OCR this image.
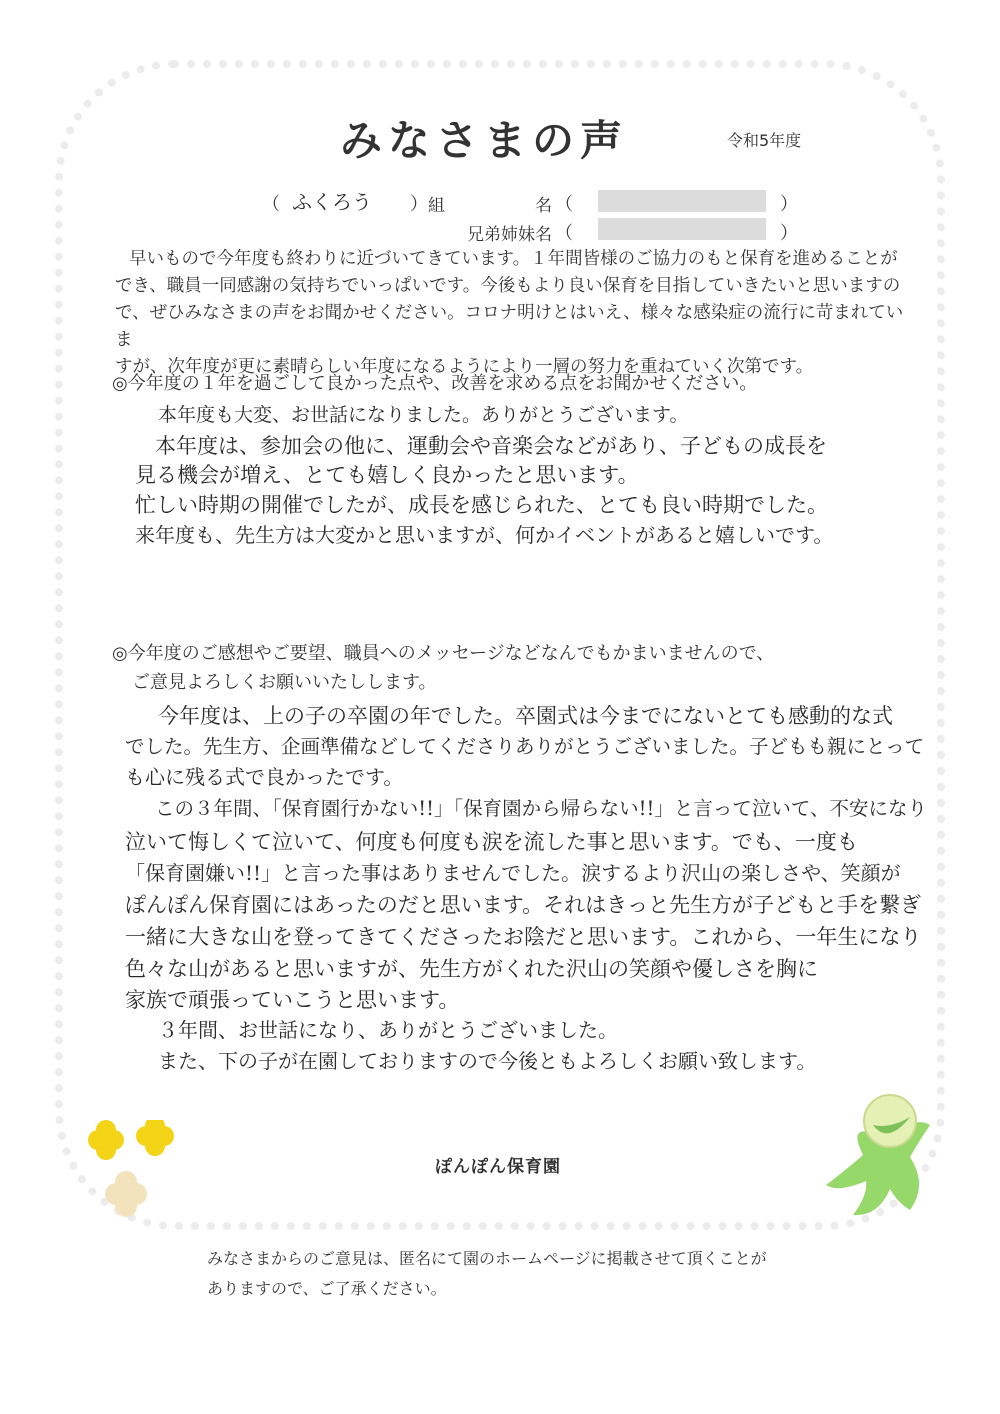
みなさまの声	令和5年度
（ ふくろう ） 組	名 （	）
兄弟姉妹名 （	）
早いもので今年度も終わりに近づいてきています。１年間皆様のご協力のもと保育を進めることが
でき、職員一同感謝の気持ちでいっぱいです。今後もより良い保育を目指していきたいと思いますの
で、ぜひみなさまの声をお聞かせください。コロナ明けとはいえ、様々な感染症の流行に苛まれていま
すが、次年度が更に素晴らしい年度になるようにより一層の努力を重ねていく次第です。

◎今年度の１年を過ごして良かった点や、改善を求める点をお聞かせください。

本年度も大変、お世話になりました。ありがとうございます。
本年度は、参加会の他に、運動会や音楽会などがあり、子どもの成長を
見る機会が増え、とても嬉しく良かったと思います。
忙しい時期の開催でしたが、成長を感じられた、とても良い時期でした。
来年度も、先生方は大変かと思いますが、何かイベントがあると嬉しいです。

◎今年度のご感想やご要望、職員へのメッセージなどなんでもかまいませんので、

ご意見よろしくお願いいたしします。

今年度は、上の子の卒園の年でした。卒園式は今までにないとても感動的な式
でした。先生方、企画準備などしてくださりありがとうございました。子どもも親にとって
も心に残る式で良かったです。
この３年間、「保育園行かない!!」「保育園から帰らない!!」と言って泣いて、不安になり
泣いて悔しくて泣いて、何度も何度も涙を流した事と思います。でも、一度も
「保育園嫌い!!」と言った事はありませんでした。涙するより沢山の楽しさや、笑顔が
ぽんぽん保育園にはあったのだと思います。それはきっと先生方が子どもと手を繋ぎ
一緒に大きな山を登ってきてくださったお陰だと思います。これから、一年生になり
色々な山があると思いますが、先生方がくれた沢山の笑顔や優しさを胸に
家族で頑張っていこうと思います。
３年間、お世話になり、ありがとうございました。
また、下の子が在園しておりますので今後ともよろしくお願い致します。
ぽんぽん保育園
みなさまからのご意見は、匿名にて園のホームページに掲載させて頂くことが
ありますので、ご了承ください。
